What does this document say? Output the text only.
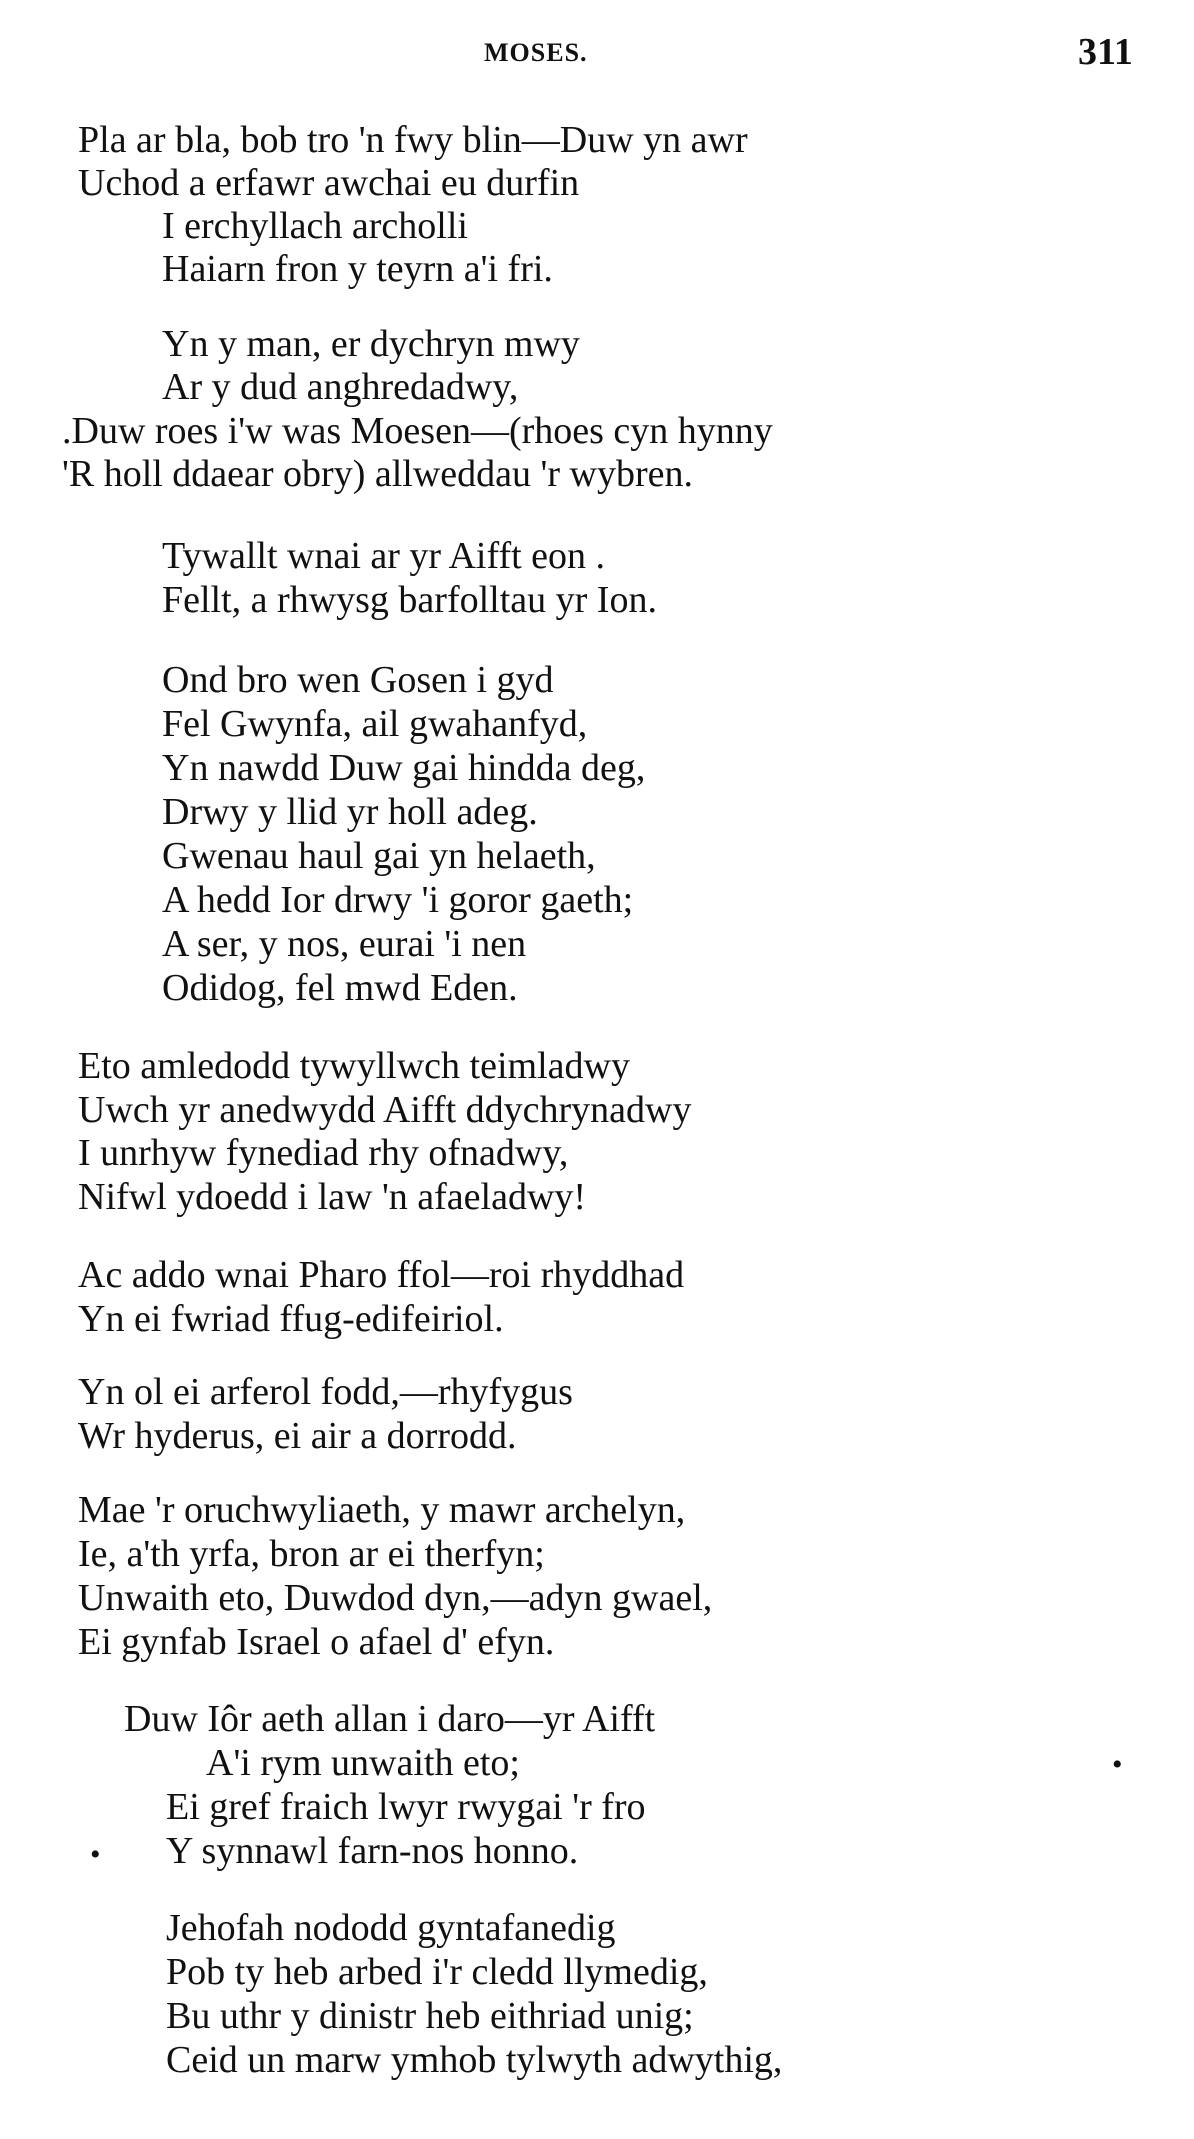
MOSES.	311
Pla ar bla, bob tro 'n fwy blin—Duw yn awr
Uchod a erfawr awchai eu durfin
I erchyllach archolli
Haiarn fron y teyrn a'i fri.
Yn y man, er dychryn mwy
Ar y dud anghredadwy,
.Duw roes i'w was Moesen—(rhoes cyn hynny
'R holl ddaear obry) allweddau 'r wybren.
Tywallt wnai ar yr Aifft eon .
Fellt, a rhwysg barfolltau yr Ion.
Ond bro wen Gosen i gyd
Fel Gwynfa, ail gwahanfyd,
Yn nawdd Duw gai hindda deg,
Drwy y llid yr holl adeg.
Gwenau haul gai yn helaeth,
A hedd Ior drwy 'i goror gaeth;
A ser, y nos, eurai 'i nen
Odidog, fel mwd Eden.
Eto amledodd tywyllwch teimladwy
Uwch yr anedwydd Aifft ddychrynadwy
I unrhyw fynediad rhy ofnadwy,
Nifwl ydoedd i law 'n afaeladwy!
Ac addo wnai Pharo ffol—roi rhyddhad
Yn ei fwriad ffug-edifeiriol.
Yn ol ei arferol fodd,—rhyfygus
Wr hyderus, ei air a dorrodd.
Mae 'r oruchwyliaeth, y mawr archelyn,
Ie, a'th yrfa, bron ar ei therfyn;
Unwaith eto, Duwdod dyn,—adyn gwael,
Ei gynfab Israel o afael d' efyn.
Duw Iôr aeth allan i daro—yr Aifft
A'i rym unwaith eto;
Ei gref fraich lwyr rwygai 'r fro
Y synnawl farn-nos honno.
Jehofah nododd gyntafanedig
Pob ty heb arbed i'r cledd llymedig,
Bu uthr y dinistr heb eithriad unig;
Ceid un marw ymhob tylwyth adwythig,
•
•
